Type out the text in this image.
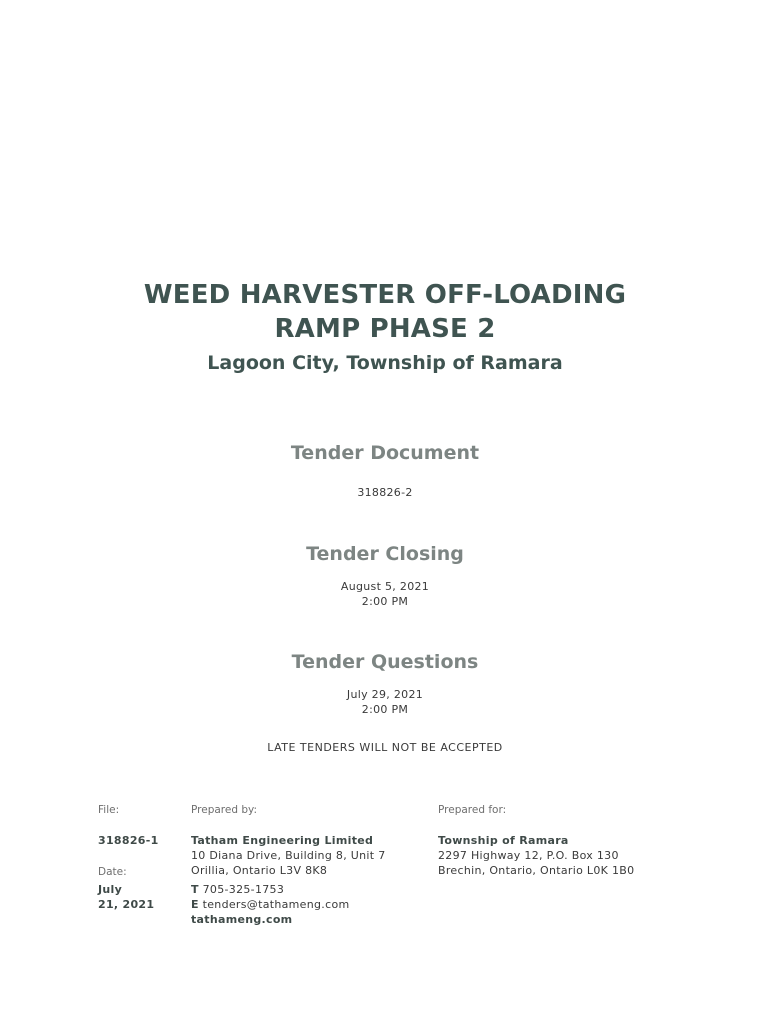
WEED HARVESTER OFF-LOADING
RAMP PHASE 2
Lagoon City, Township of Ramara
Tender Document
318826-2
Tender Closing
August 5, 2021
2:00 PM
Tender Questions
July 29, 2021
2:00 PM
LATE TENDERS WILL NOT BE ACCEPTED
File:
318826-1
Date:
July
21, 2021
Prepared by:
Tatham Engineering Limited
10 Diana Drive, Building 8, Unit 7
Orillia, Ontario L3V 8K8
T 705-325-1753
E tenders@tathameng.com
tathameng.com
Prepared for:
Township of Ramara
2297 Highway 12, P.O. Box 130
Brechin, Ontario, Ontario L0K 1B0
